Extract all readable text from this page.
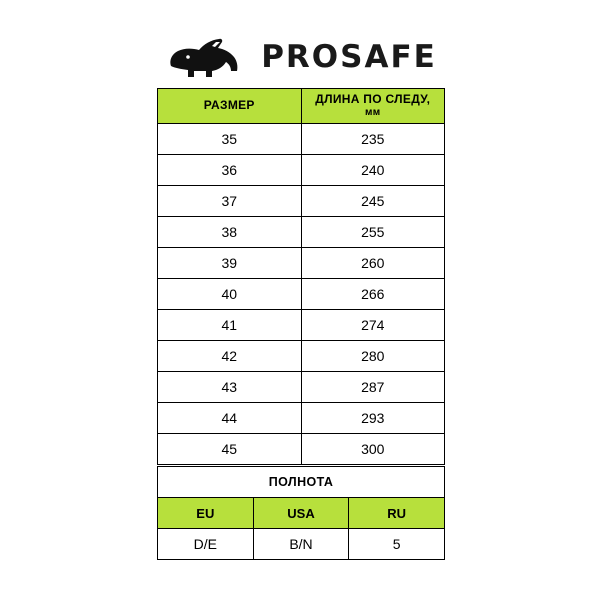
PROSAFE
РАЗМЕР	ДЛИНА ПО СЛЕДУ,
мм

35	235
36	240
37	245
38	255
39	260
40	266
41	274
42	280
43	287
44	293
45	300
ПОЛНОТА		
EU	USA	RU
D/E	B/N	5
